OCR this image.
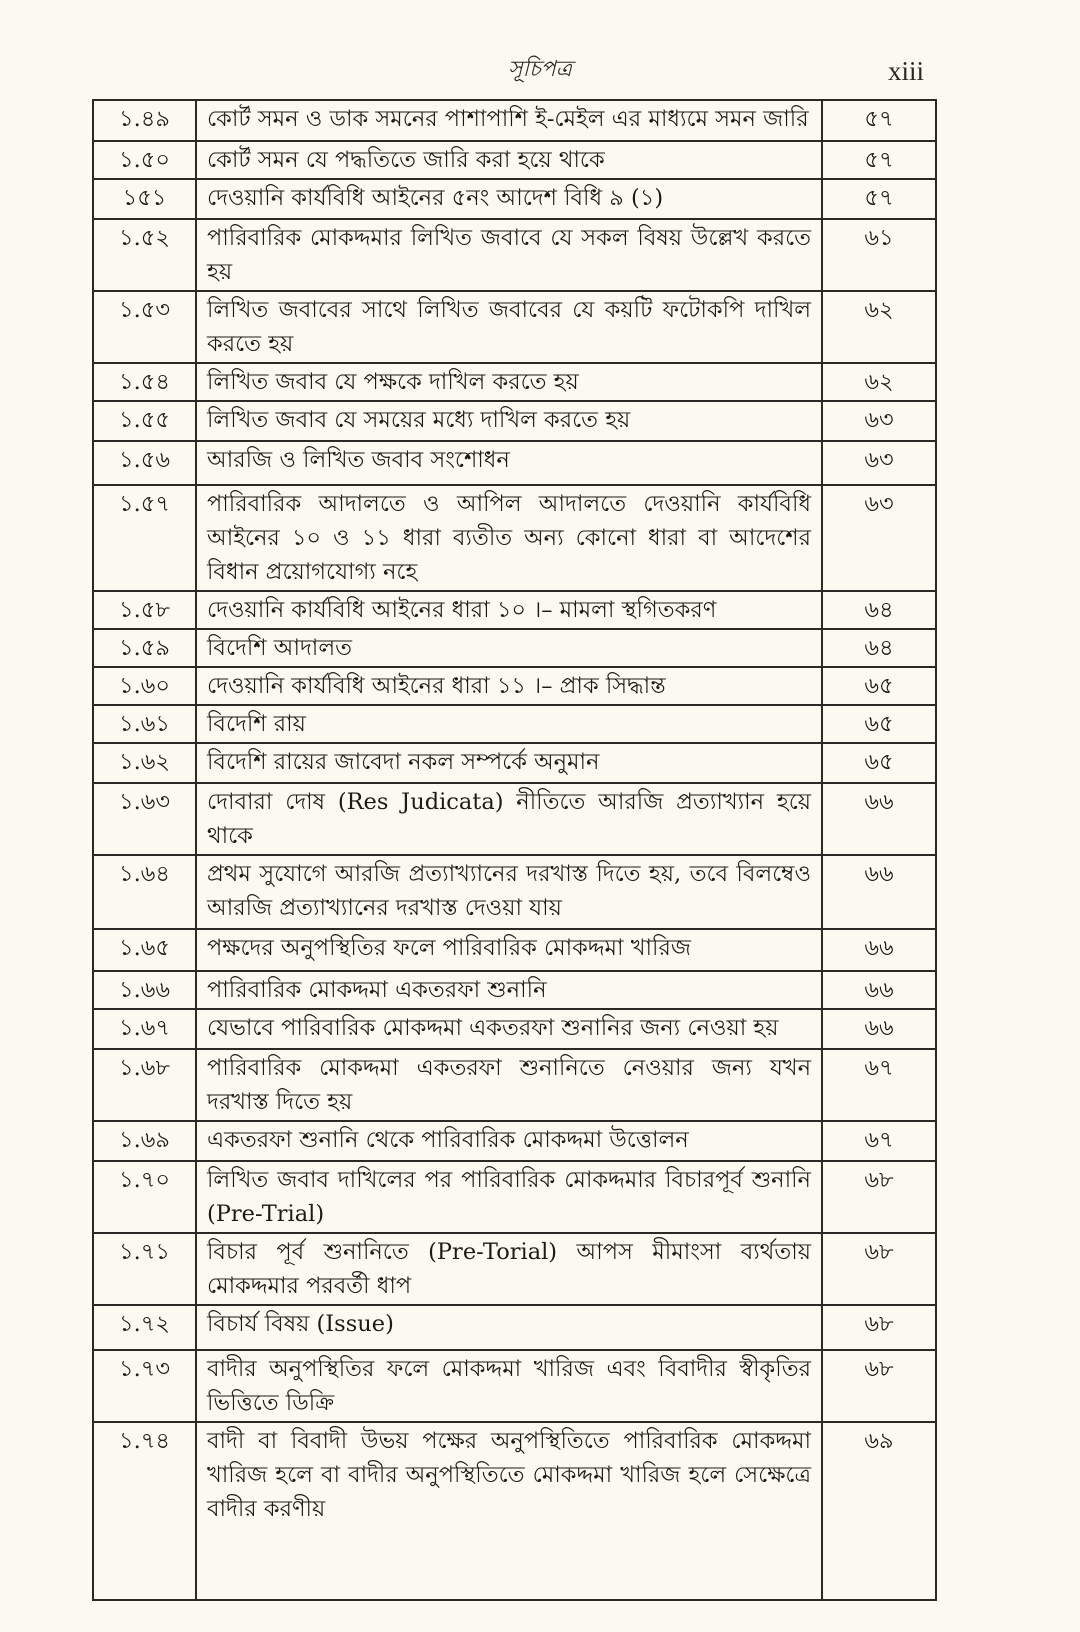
সূচিপত্র	xiii
১.৪৯	কোর্ট সমন ও ডাক সমনের পাশাপাশি ই-মেইল এর মাধ্যমে সমন জারি	৫৭
১.৫০	কোর্ট সমন যে পদ্ধতিতে জারি করা হয়ে থাকে	৫৭
১৫১	দেওয়ানি কার্যবিধি আইনের ৫নং আদেশ বিধি ৯ (১)	৫৭
১.৫২	পারিবারিক মোকদ্দমার লিখিত জবাবে যে সকল বিষয় উল্লেখ করতে হয়	৬১
১.৫৩	লিখিত জবাবের সাথে লিখিত জবাবের যে কয়টি ফটোকপি দাখিল করতে হয়	৬২
১.৫৪	লিখিত জবাব যে পক্ষকে দাখিল করতে হয়	৬২
১.৫৫	লিখিত জবাব যে সময়ের মধ্যে দাখিল করতে হয়	৬৩
১.৫৬	আরজি ও লিখিত জবাব সংশোধন	৬৩
১.৫৭	পারিবারিক আদালতে ও আপিল আদালতে দেওয়ানি কার্যবিধি আইনের ১০ ও ১১ ধারা ব্যতীত অন্য কোনো ধারা বা আদেশের বিধান প্রয়োগযোগ্য নহে	৬৩
১.৫৮	দেওয়ানি কার্যবিধি আইনের ধারা ১০ ।– মামলা স্থগিতকরণ	৬৪
১.৫৯	বিদেশি আদালত	৬৪
১.৬০	দেওয়ানি কার্যবিধি আইনের ধারা ১১ ।– প্রাক সিদ্ধান্ত	৬৫
১.৬১	বিদেশি রায়	৬৫
১.৬২	বিদেশি রায়ের জাবেদা নকল সম্পর্কে অনুমান	৬৫
১.৬৩	দোবারা দোষ (Res Judicata) নীতিতে আরজি প্রত্যাখ্যান হয়ে থাকে	৬৬
১.৬৪	প্রথম সুযোগে আরজি প্রত্যাখ্যানের দরখাস্ত দিতে হয়, তবে বিলম্বেও আরজি প্রত্যাখ্যানের দরখাস্ত দেওয়া যায়	৬৬
১.৬৫	পক্ষদের অনুপস্থিতির ফলে পারিবারিক মোকদ্দমা খারিজ	৬৬
১.৬৬	পারিবারিক মোকদ্দমা একতরফা শুনানি	৬৬
১.৬৭	যেভাবে পারিবারিক মোকদ্দমা একতরফা শুনানির জন্য নেওয়া হয়	৬৬
১.৬৮	পারিবারিক মোকদ্দমা একতরফা শুনানিতে নেওয়ার জন্য যখন দরখাস্ত দিতে হয়	৬৭
১.৬৯	একতরফা শুনানি থেকে পারিবারিক মোকদ্দমা উত্তোলন	৬৭
১.৭০	লিখিত জবাব দাখিলের পর পারিবারিক মোকদ্দমার বিচারপূর্ব শুনানি (Pre-Trial)	৬৮
১.৭১	বিচার পূর্ব শুনানিতে (Pre-Torial) আপস মীমাংসা ব্যর্থতায় মোকদ্দমার পরবর্তী ধাপ	৬৮
১.৭২	বিচার্য বিষয় (Issue)	৬৮
১.৭৩	বাদীর অনুপস্থিতির ফলে মোকদ্দমা খারিজ এবং বিবাদীর স্বীকৃতির ভিত্তিতে ডিক্রি	৬৮
১.৭৪	বাদী বা বিবাদী উভয় পক্ষের অনুপস্থিতিতে পারিবারিক মোকদ্দমা খারিজ হলে বা বাদীর অনুপস্থিতিতে মোকদ্দমা খারিজ হলে সেক্ষেত্রে বাদীর করণীয়	৬৯
